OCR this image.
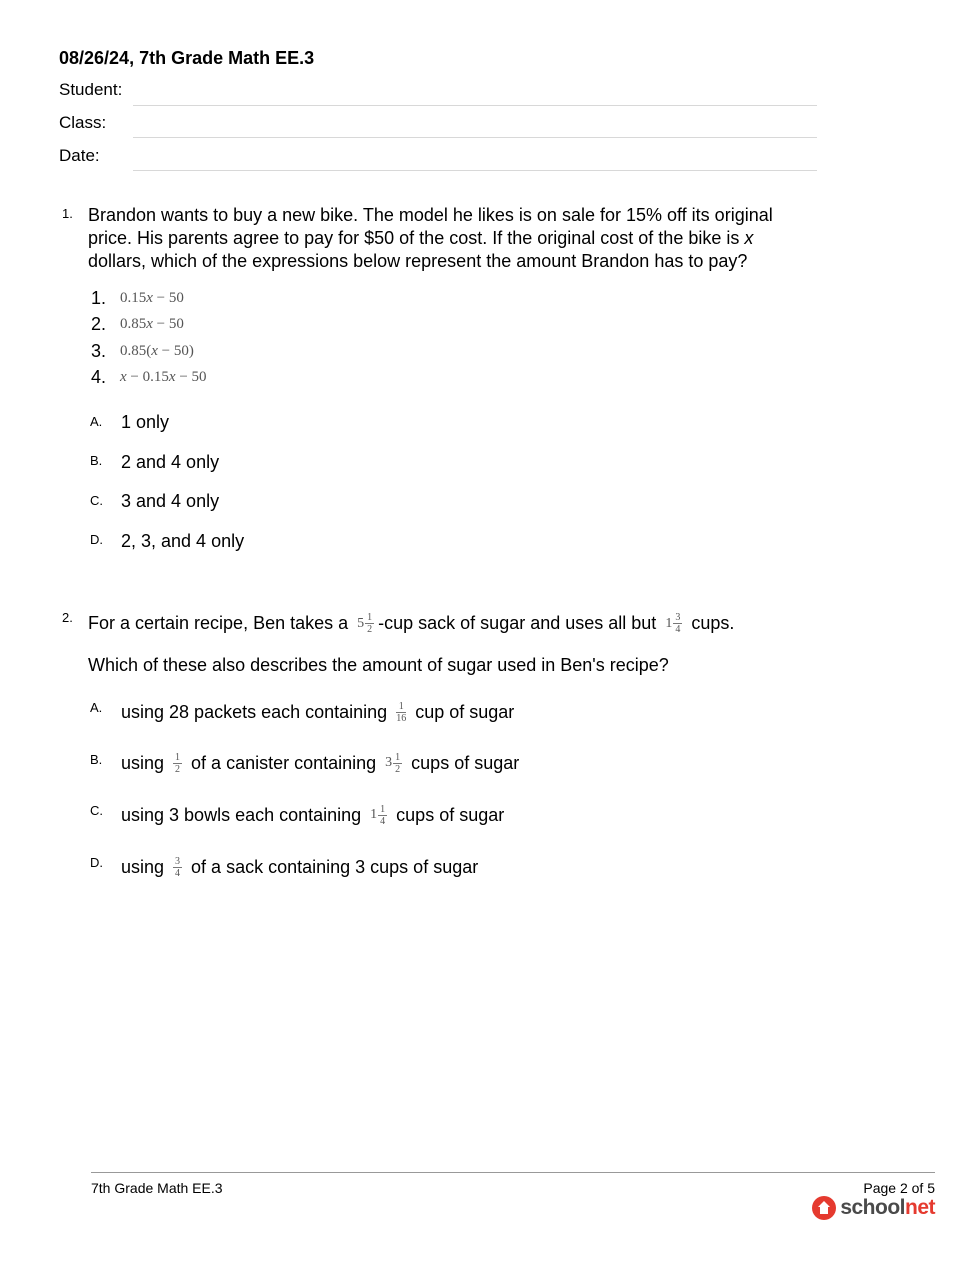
08/26/24, 7th Grade Math EE.3
Student:
Class:
Date:
1. Brandon wants to buy a new bike. The model he likes is on sale for 15% off its original
price. His parents agree to pay for $50 of the cost. If the original cost of the bike is x
dollars, which of the expressions below represent the amount Brandon has to pay?
1. 0.15x − 50
2. 0.85x − 50
3. 0.85(x − 50)
4. x − 0.15x − 50
A. 1 only
B. 2 and 4 only
C. 3 and 4 only
D. 2, 3, and 4 only
2. For a certain recipe, Ben takes a $5 \frac{1}{2} -cup$ sack of sugar and uses all but $1 \frac{3}{4}$ cups.
Which of these also describes the amount of sugar used in Ben's recipe?
A. using 28 packets each containing $\frac{1}{16}$ cup of sugar
B. using $\frac{1}{2}$ of a canister containing $3 \frac{1}{2}$ cups of sugar
C. using 3 bowls each containing $1 \frac{1}{4}$ cups of sugar
D. using $\frac{3}{4}$ of a sack containing 3 cups of sugar
7th Grade Math EE.3	Page 2 of 5
schoolnet
